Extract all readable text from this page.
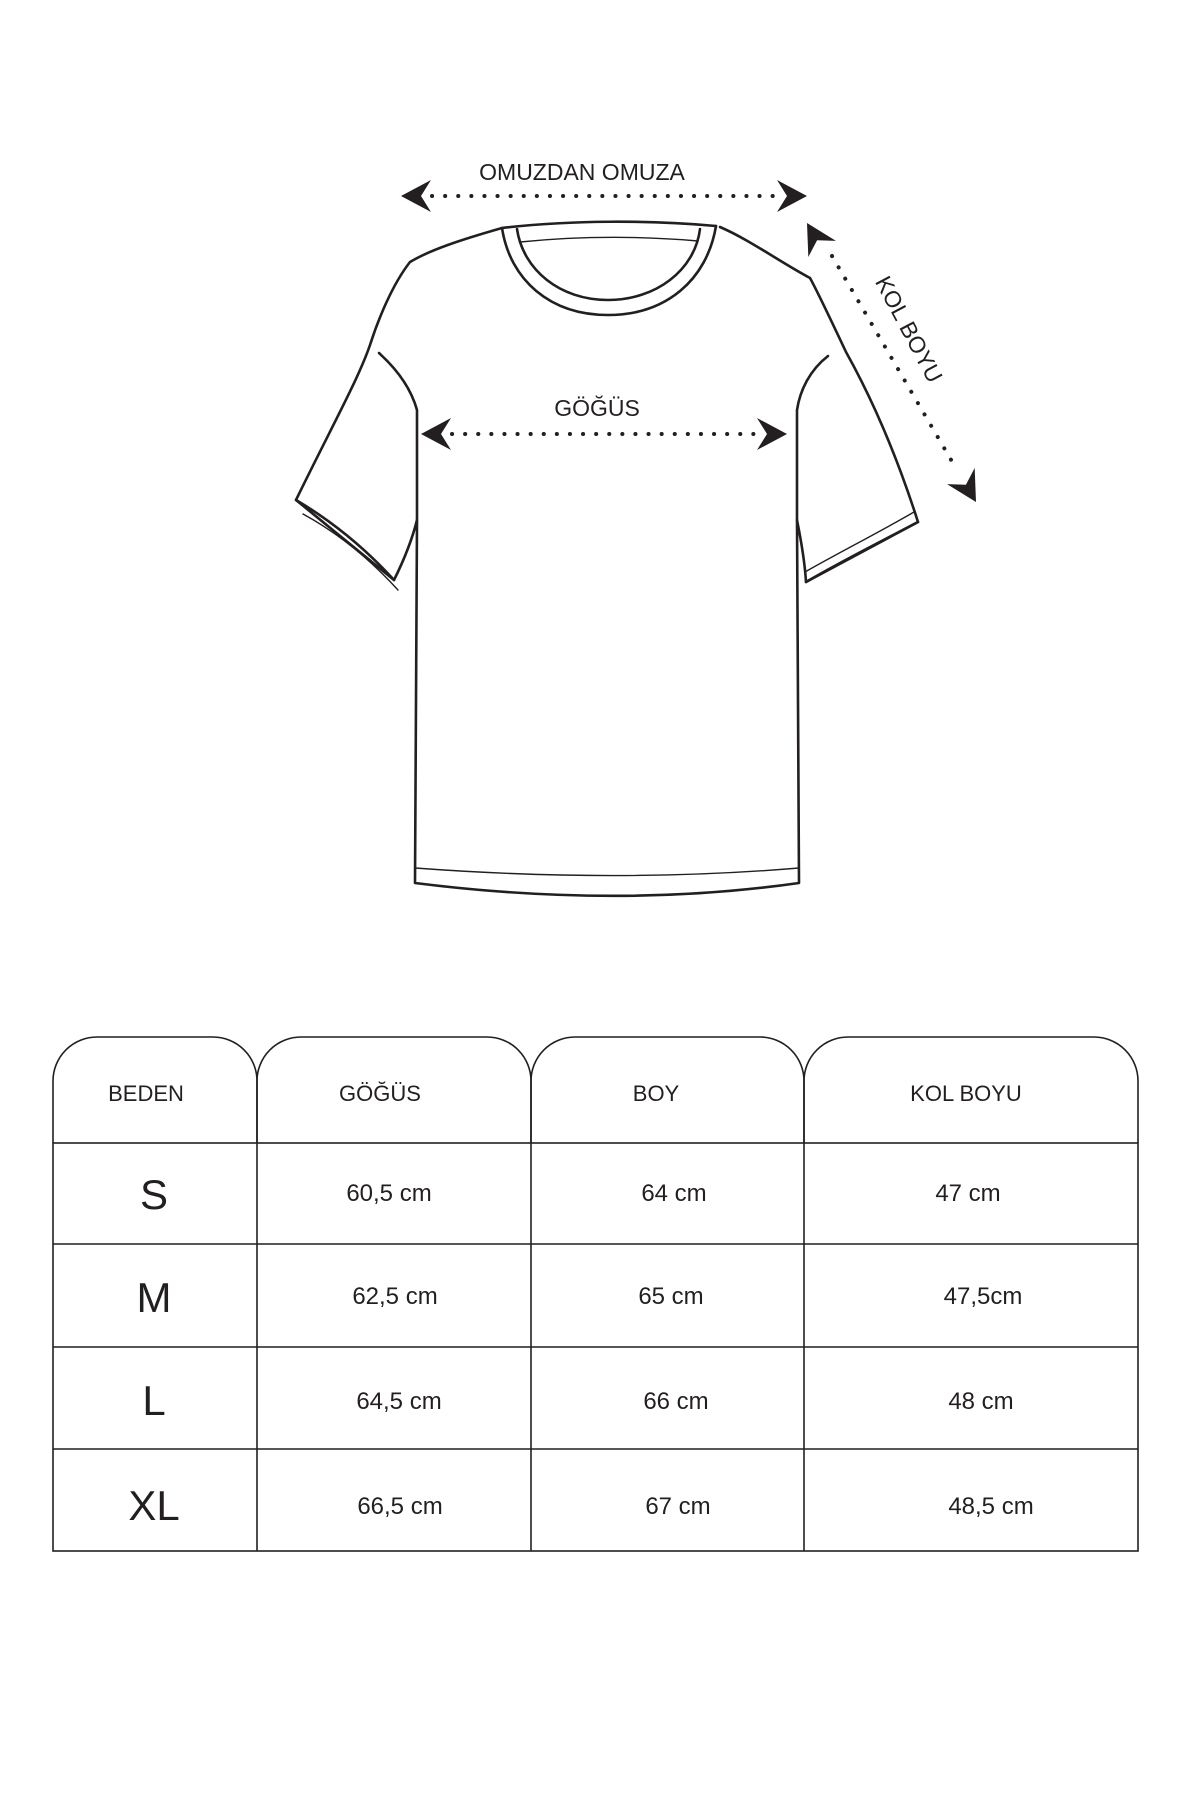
OMUZDAN OMUZA
GÖĞÜS
KOL BOYU
BEDEN	GÖĞÜS	BOY	KOL BOYU
S	60,5 cm	64 cm	47 cm
M	62,5 cm	65 cm	47,5cm
L	64,5 cm	66 cm	48 cm
XL	66,5 cm	67 cm	48,5 cm
